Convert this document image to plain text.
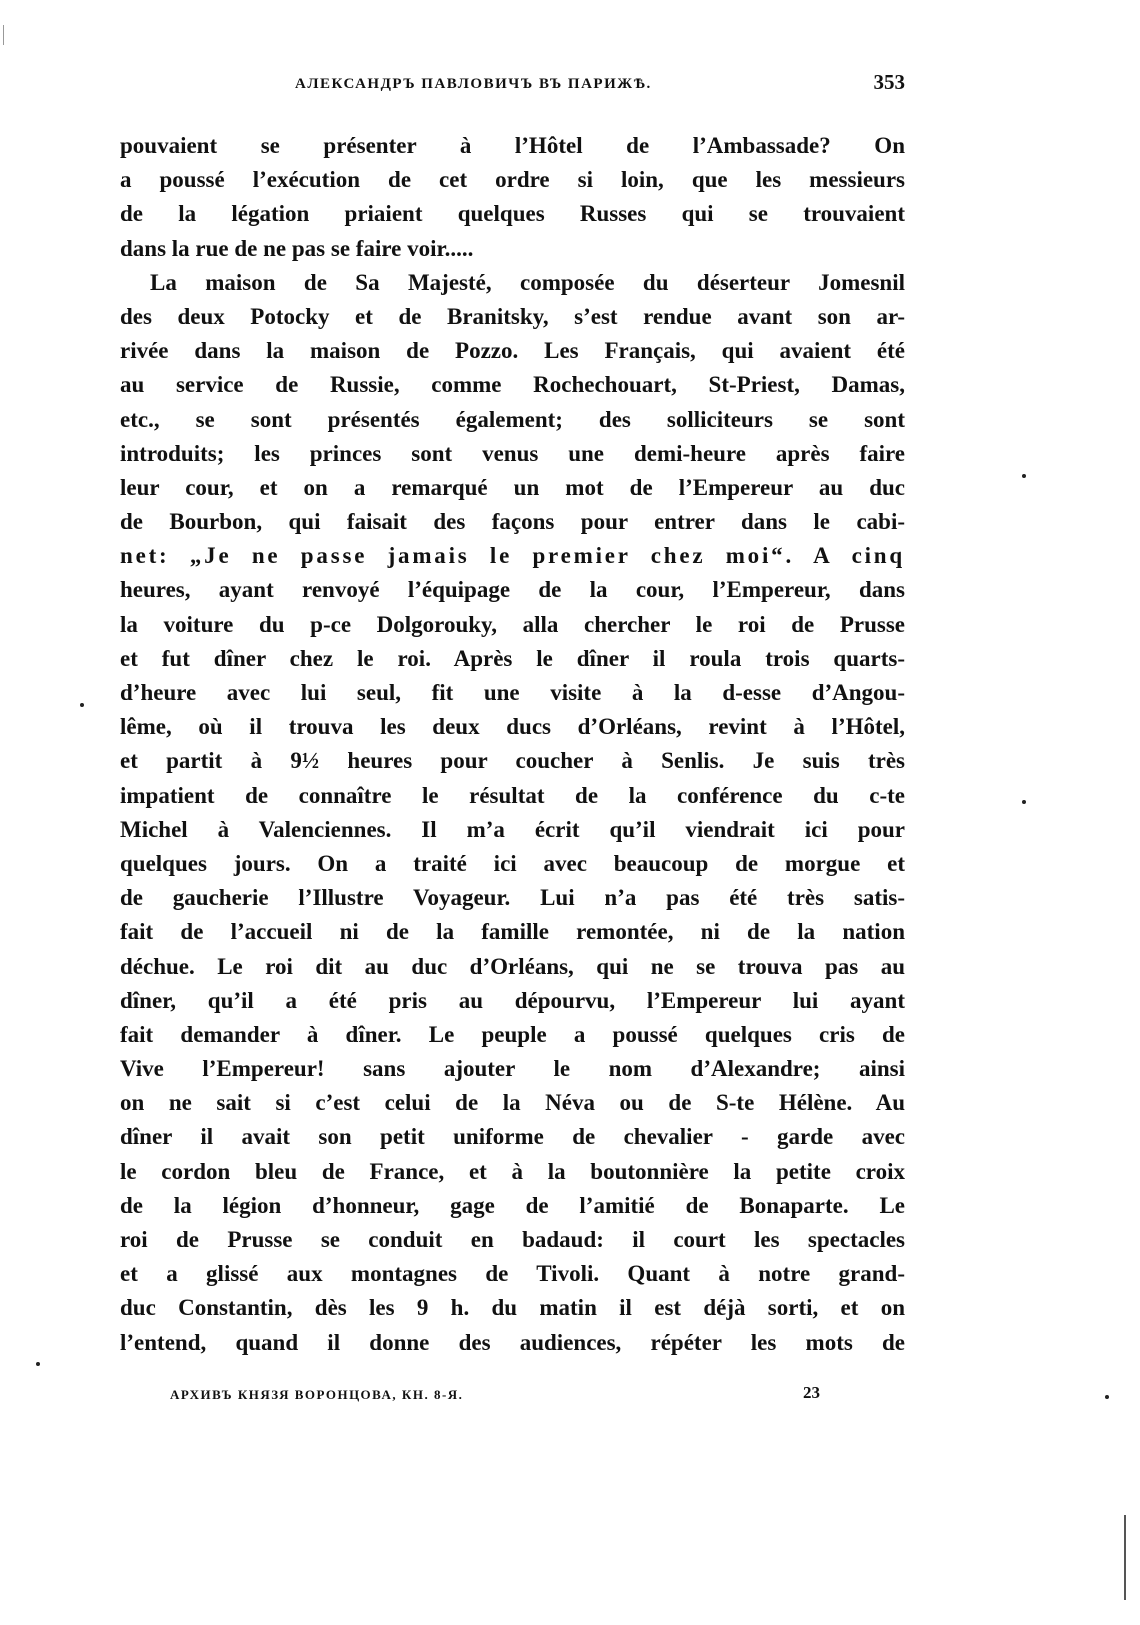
АЛЕКСАНДРЪ ПАВЛОВИЧЪ ВЪ ПАРИЖѢ.	353
pouvaient se présenter à l’Hôtel de l’Ambassade? On
a poussé l’exécution de cet ordre si loin, que les messieurs
de la légation priaient quelques Russes qui se trouvaient
dans la rue de ne pas se faire voir.....
La maison de Sa Majesté, composée du déserteur Jomesnil
des deux Potocky et de Branitsky, s’est rendue avant son ar-
rivée dans la maison de Pozzo. Les Français, qui avaient été
au service de Russie, comme Rochechouart, St-Priest, Damas,
etc., se sont présentés également; des solliciteurs se sont
introduits; les princes sont venus une demi-heure après faire
leur cour, et on a remarqué un mot de l’Empereur au duc
de Bourbon, qui faisait des façons pour entrer dans le cabi-
net: „Je ne passe jamais le premier chez moi“. A cinq
heures, ayant renvoyé l’équipage de la cour, l’Empereur, dans
la voiture du p-ce Dolgorouky, alla chercher le roi de Prusse
et fut dîner chez le roi. Après le dîner il roula trois quarts-
d’heure avec lui seul, fit une visite à la d-esse d’Angou-
lême, où il trouva les deux ducs d’Orléans, revint à l’Hôtel,
et partit à 9½ heures pour coucher à Senlis. Je suis très
impatient de connaître le résultat de la conférence du c-te
Michel à Valenciennes. Il m’a écrit qu’il viendrait ici pour
quelques jours. On a traité ici avec beaucoup de morgue et
de gaucherie l’Illustre Voyageur. Lui n’a pas été très satis-
fait de l’accueil ni de la famille remontée, ni de la nation
déchue. Le roi dit au duc d’Orléans, qui ne se trouva pas au
dîner, qu’il a été pris au dépourvu, l’Empereur lui ayant
fait demander à dîner. Le peuple a poussé quelques cris de
Vive l’Empereur! sans ajouter le nom d’Alexandre; ainsi
on ne sait si c’est celui de la Néva ou de S-te Hélène. Au
dîner il avait son petit uniforme de chevalier - garde avec
le cordon bleu de France, et à la boutonnière la petite croix
de la légion d’honneur, gage de l’amitié de Bonaparte. Le
roi de Prusse se conduit en badaud: il court les spectacles
et a glissé aux montagnes de Tivoli. Quant à notre grand-
duc Constantin, dès les 9 h. du matin il est déjà sorti, et on
l’entend, quand il donne des audiences, répéter les mots de
АРХИВЪ КНЯЗЯ ВОРОНЦОВА, КН. 8-Я.	23
